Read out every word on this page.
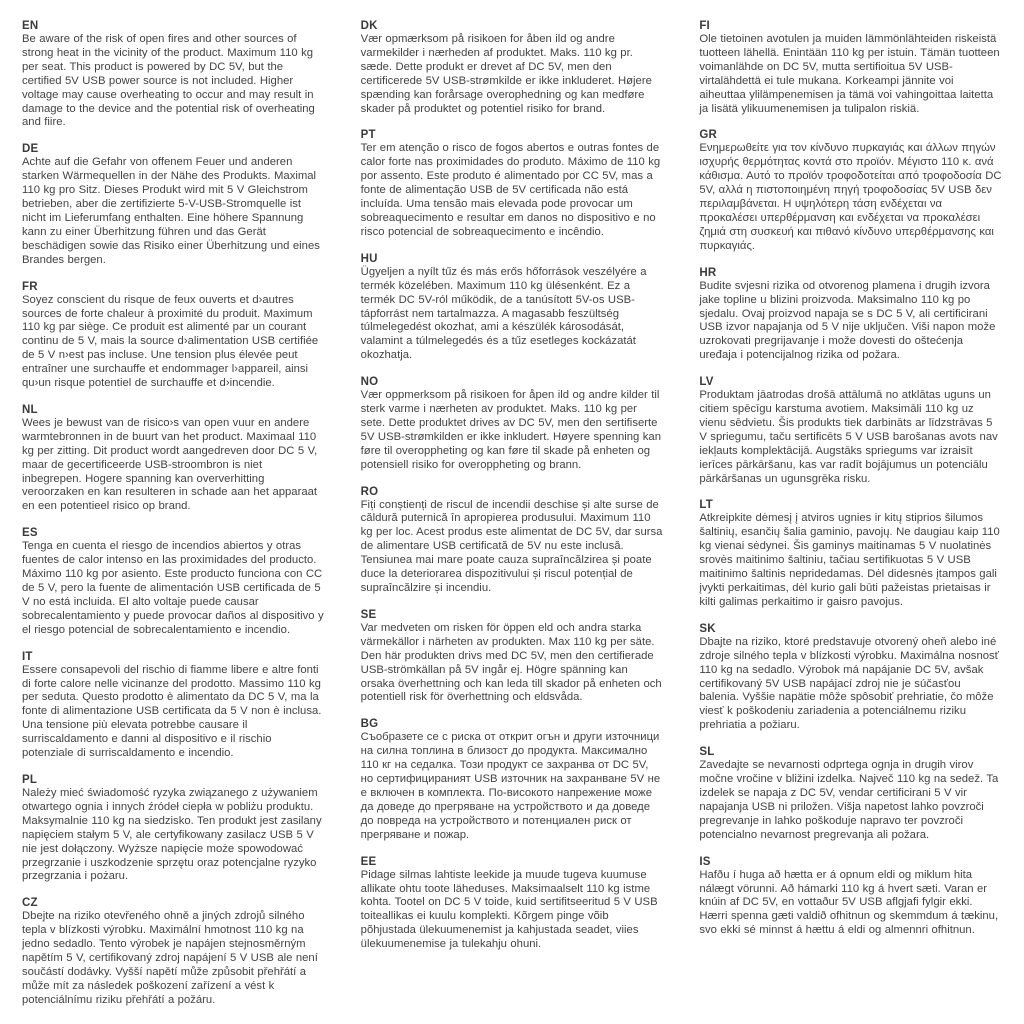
EN

Be aware of the risk of open fires and other sources of strong heat in the vicinity of the product. Maximum 110 kg per seat. This product is powered by DC 5V, but the certified 5V USB power source is not included. Higher voltage may cause overheating to occur and may result in damage to the device and the potential risk of overheating and fiire.

DE

Achte auf die Gefahr von offenem Feuer und anderen starken Wärmequellen in der Nähe des Produkts. Maximal 110 kg pro Sitz. Dieses Produkt wird mit 5 V Gleichstrom betrieben, aber die zertifizierte 5-V-USB-Stromquelle ist nicht im Lieferumfang enthalten. Eine höhere Spannung kann zu einer Überhitzung führen und das Gerät beschädigen sowie das Risiko einer Überhitzung und eines Brandes bergen.

FR

Soyez conscient du risque de feux ouverts et d›autres sources de forte chaleur à proximité du produit. Maximum 110 kg par siège. Ce produit est alimenté par un courant continu de 5 V, mais la source d›alimentation USB certifiée de 5 V n›est pas incluse. Une tension plus élevée peut entraîner une surchauffe et endommager l›appareil, ainsi qu›un risque potentiel de surchauffe et d›incendie.

NL

Wees je bewust van de risico›s van open vuur en andere warmtebronnen in de buurt van het product. Maximaal 110 kg per zitting. Dit product wordt aangedreven door DC 5 V, maar de gecertificeerde USB-stroombron is niet inbegrepen. Hogere spanning kan oververhitting veroorzaken en kan resulteren in schade aan het apparaat en een potentieel risico op brand.

ES

Tenga en cuenta el riesgo de incendios abiertos y otras fuentes de calor intenso en las proximidades del producto. Máximo 110 kg por asiento. Este producto funciona con CC de 5 V, pero la fuente de alimentación USB certificada de 5 V no está incluida. El alto voltaje puede causar sobrecalentamiento y puede provocar daños al dispositivo y el riesgo potencial de sobrecalentamiento e incendio.

IT

Essere consapevoli del rischio di fiamme libere e altre fonti di forte calore nelle vicinanze del prodotto. Massimo 110 kg per seduta. Questo prodotto è alimentato da DC 5 V, ma la fonte di alimentazione USB certificata da 5 V non è inclusa. Una tensione più elevata potrebbe causare il surriscaldamento e danni al dispositivo e il rischio potenziale di surriscaldamento e incendio.

PL

Należy mieć świadomość ryzyka związanego z używaniem otwartego ognia i innych źródeł ciepła w pobliżu produktu. Maksymalnie 110 kg na siedzisko. Ten produkt jest zasilany napięciem stałym 5 V, ale certyfikowany zasilacz USB 5 V nie jest dołączony. Wyższe napięcie może spowodować przegrzanie i uszkodzenie sprzętu oraz potencjalne ryzyko przegrzania i pożaru.

CZ

Dbejte na riziko otevřeného ohně a jiných zdrojů silného tepla v blízkosti výrobku. Maximální hmotnost 110 kg na jedno sedadlo. Tento výrobek je napájen stejnosměrným napětím 5 V, certifikovaný zdroj napájení 5 V USB ale není součástí dodávky. Vyšší napětí může způsobit přehřátí a může mít za následek poškození zařízení a vést k potenciálnímu riziku přehřátí a požáru.

DK

Vær opmærksom på risikoen for åben ild og andre varmekilder i nærheden af produktet. Maks. 110 kg pr. sæde. Dette produkt er drevet af DC 5V, men den certificerede 5V USB-strømkilde er ikke inkluderet. Højere spænding kan forårsage overophedning og kan medføre skader på produktet og potentiel risiko for brand.

PT

Ter em atenção o risco de fogos abertos e outras fontes de calor forte nas proximidades do produto. Máximo de 110 kg por assento. Este produto é alimentado por CC 5V, mas a fonte de alimentação USB de 5V certificada não está incluída. Uma tensão mais elevada pode provocar um sobreaquecimento e resultar em danos no dispositivo e no risco potencial de sobreaquecimento e incêndio.

HU

Ügyeljen a nyílt tűz és más erős hőforrások veszélyére a termék közelében. Maximum 110 kg ülésenként. Ez a termék DC 5V-ról működik, de a tanúsított 5V-os USB-tápforrást nem tartalmazza. A magasabb feszültség túlmelegedést okozhat, ami a készülék károsodását, valamint a túlmelegedés és a tűz esetleges kockázatát okozhatja.

NO

Vær oppmerksom på risikoen for åpen ild og andre kilder til sterk varme i nærheten av produktet. Maks. 110 kg per sete. Dette produktet drives av DC 5V, men den sertifiserte 5V USB-strømkilden er ikke inkludert. Høyere spenning kan føre til overoppheting og kan føre til skade på enheten og potensiell risiko for overoppheting og brann.

RO

Fiți conștienți de riscul de incendii deschise și alte surse de căldură puternică în apropierea produsului. Maximum 110 kg per loc. Acest produs este alimentat de DC 5V, dar sursa de alimentare USB certificată de 5V nu este inclusă. Tensiunea mai mare poate cauza supraîncălzirea și poate duce la deteriorarea dispozitivului și riscul potențial de supraîncălzire și incendiu.

SE

Var medveten om risken för öppen eld och andra starka värmekällor i närheten av produkten. Max 110 kg per säte. Den här produkten drivs med DC 5V, men den certifierade USB-strömkällan på 5V ingår ej. Högre spänning kan orsaka överhettning och kan leda till skador på enheten och potentiell risk för överhettning och eldsvåda.

BG

Съобразете се с риска от открит огън и други източници на силна топлина в близост до продукта. Максимално 110 кг на седалка. Този продукт се захранва от DC 5V, но сертифицираният USB източник на захранване 5V не е включен в комплекта. По-високото напрежение може да доведе до прегряване на устройството и да доведе до повреда на устройството и потенциален риск от прегряване и пожар.

EE

Pidage silmas lahtiste leekide ja muude tugeva kuumuse allikate ohtu toote läheduses. Maksimaalselt 110 kg istme kohta. Tootel on DC 5 V toide, kuid sertifitseeritud 5 V USB toiteallikas ei kuulu komplekti. Kõrgem pinge võib põhjustada ülekuumenemist ja kahjustada seadet, viies ülekuumenemise ja tulekahju ohuni.

FI

Ole tietoinen avotulen ja muiden lämmönlähteiden riskeistä tuotteen lähellä. Enintään 110 kg per istuin. Tämän tuotteen voimanlähde on DC 5V, mutta sertifioitua 5V USB-virtalähdettä ei tule mukana. Korkeampi jännite voi aiheuttaa ylilämpenemisen ja tämä voi vahingoittaa laitetta ja lisätä ylikuumenemisen ja tulipalon riskiä.

GR

Ενημερωθείτε για τον κίνδυνο πυρκαγιάς και άλλων πηγών ισχυρής θερμότητας κοντά στο προϊόν. Μέγιστο 110 κ. ανά κάθισμα. Αυτό το προϊόν τροφοδοτείται από τροφοδοσία DC 5V, αλλά η πιστοποιημένη πηγή τροφοδοσίας 5V USB δεν περιλαμβάνεται. Η υψηλότερη τάση ενδέχεται να προκαλέσει υπερθέρμανση και ενδέχεται να προκαλέσει ζημιά στη συσκευή και πιθανό κίνδυνο υπερθέρμανσης και πυρκαγιάς.

HR

Budite svjesni rizika od otvorenog plamena i drugih izvora jake topline u blizini proizvoda. Maksimalno 110 kg po sjedalu. Ovaj proizvod napaja se s DC 5 V, ali certificirani USB izvor napajanja od 5 V nije uključen. Viši napon može uzrokovati pregrijavanje i može dovesti do oštećenja uređaja i potencijalnog rizika od požara.

LV

Produktam jāatrodas drošā attālumā no atklātas uguns un citiem spēcīgu karstuma avotiem. Maksimāli 110 kg uz vienu sēdvietu. Šis produkts tiek darbināts ar līdzstrāvas 5 V spriegumu, taču sertificēts 5 V USB barošanas avots nav iekļauts komplektācijā. Augstāks spriegums var izraisīt ierīces pārkāršanu, kas var radīt bojājumus un potenciālu pārkāršanas un ugunsgrēka risku.

LT

Atkreipkite dėmesį į atviros ugnies ir kitų stiprios šilumos šaltinių, esančių šalia gaminio, pavojų. Ne daugiau kaip 110 kg vienai sėdynei. Šis gaminys maitinamas 5 V nuolatinės srovės maitinimo šaltiniu, tačiau sertifikuotas 5 V USB maitinimo šaltinis nepridedamas. Dėl didesnės įtampos gali įvykti perkaitimas, dėl kurio gali būti pažeistas prietaisas ir kilti galimas perkaitimo ir gaisro pavojus.

SK

Dbajte na riziko, ktoré predstavuje otvorený oheň alebo iné zdroje silného tepla v blízkosti výrobku. Maximálna nosnosť 110 kg na sedadlo. Výrobok má napájanie DC 5V, avšak certifikovaný 5V USB napájací zdroj nie je súčasťou balenia. Vyššie napätie môže spôsobiť prehriatie, čo môže viesť k poškodeniu zariadenia a potenciálnemu riziku prehriatia a požiaru.

SL

Zavedajte se nevarnosti odprtega ognja in drugih virov močne vročine v bližini izdelka. Največ 110 kg na sedež. Ta izdelek se napaja z DC 5V, vendar certificirani 5 V vir napajanja USB ni priložen. Višja napetost lahko povzroči pregrevanje in lahko poškoduje napravo ter povzroči potencialno nevarnost pregrevanja ali požara.

IS

Hafðu í huga að hætta er á opnum eldi og miklum hita nálægt vörunni. Að hámarki 110 kg á hvert sæti. Varan er knúin af DC 5V, en vottaður 5V USB aflgjafi fylgir ekki. Hærri spenna gæti valdið ofhitnun og skemmdum á tækinu, svo ekki sé minnst á hættu á eldi og almennri ofhitnun.
